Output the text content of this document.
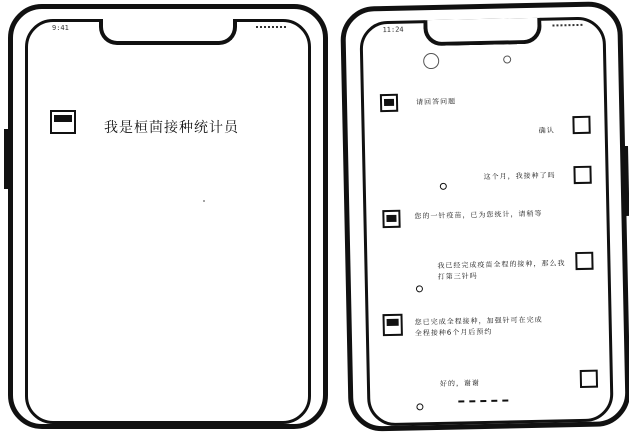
9:41
我是桓茴接种统计员
11:24
请回答问题
确认
这个月，我接种了吗
您的一针疫苗，已为您统计，请稍等
我已经完成疫苗全程的接种，那么我打第三针吗
您已完成全程接种，加强针可在完成全程接种6个月后预约
好的，谢谢
